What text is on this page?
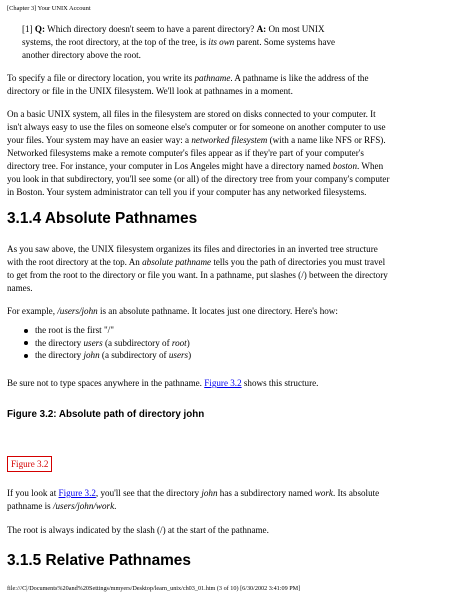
[Chapter 3] Your UNIX Account

[1] Q: Which directory doesn't seem to have a parent directory? A: On most UNIX

systems, the root directory, at the top of the tree, is its own parent. Some systems have

another directory above the root.

To specify a file or directory location, you write its pathname. A pathname is like the address of the

directory or file in the UNIX filesystem. We'll look at pathnames in a moment.

On a basic UNIX system, all files in the filesystem are stored on disks connected to your computer. It

isn't always easy to use the files on someone else's computer or for someone on another computer to use

your files. Your system may have an easier way: a networked filesystem (with a name like NFS or RFS).

Networked filesystems make a remote computer's files appear as if they're part of your computer's

directory tree. For instance, your computer in Los Angeles might have a directory named boston. When

you look in that subdirectory, you'll see some (or all) of the directory tree from your company's computer

in Boston. Your system administrator can tell you if your computer has any networked filesystems.

3.1.4 Absolute Pathnames

As you saw above, the UNIX filesystem organizes its files and directories in an inverted tree structure

with the root directory at the top. An absolute pathname tells you the path of directories you must travel

to get from the root to the directory or file you want. In a pathname, put slashes (/) between the directory

names.

For example, /users/john is an absolute pathname. It locates just one directory. Here's how:

the root is the first "/"
the directory users (a subdirectory of root)
the directory john (a subdirectory of users)

Be sure not to type spaces anywhere in the pathname. Figure 3.2 shows this structure.

Figure 3.2: Absolute path of directory john
Figure 3.2

If you look at Figure 3.2, you'll see that the directory john has a subdirectory named work. Its absolute

pathname is /users/john/work.

The root is always indicated by the slash (/) at the start of the pathname.

3.1.5 Relative Pathnames
file:///C|/Documents%20and%20Settings/mmyers/Desktop/learn_unix/ch03_01.htm (3 of 10) [6/30/2002 3:41:09 PM]
